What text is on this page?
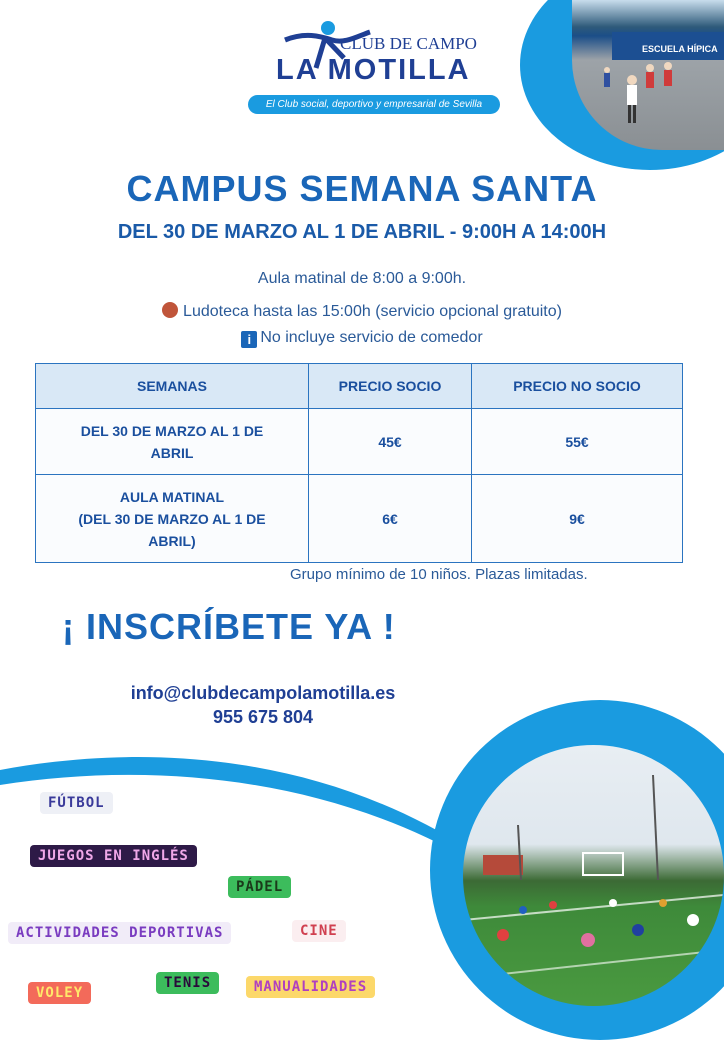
ESCUELA HÍPICA
CLUB DE CAMPO
LA MOTILLA
El Club social, deportivo y empresarial de Sevilla
CAMPUS SEMANA SANTA
DEL 30 DE MARZO AL 1 DE ABRIL - 9:00H A 14:00H
Aula matinal de 8:00 a 9:00h.
Ludoteca hasta las 15:00h (servicio opcional gratuito)
i No incluye servicio de comedor
SEMANAS	PRECIO SOCIO	PRECIO NO SOCIO

DEL 30 DE MARZO AL 1 DE ABRIL	45€	55€

AULA MATINAL
(DEL 30 DE MARZO AL 1 DE ABRIL)	6€	9€
Grupo mínimo de 10 niños. Plazas limitadas.
¡ INSCRÍBETE YA !
info@clubdecampolamotilla.es
955 675 804
FÚTBOL
JUEGOS EN INGLÉS
PÁDEL
ACTIVIDADES DEPORTIVAS	CINE
VOLEY
TENIS	MANUALIDADES
